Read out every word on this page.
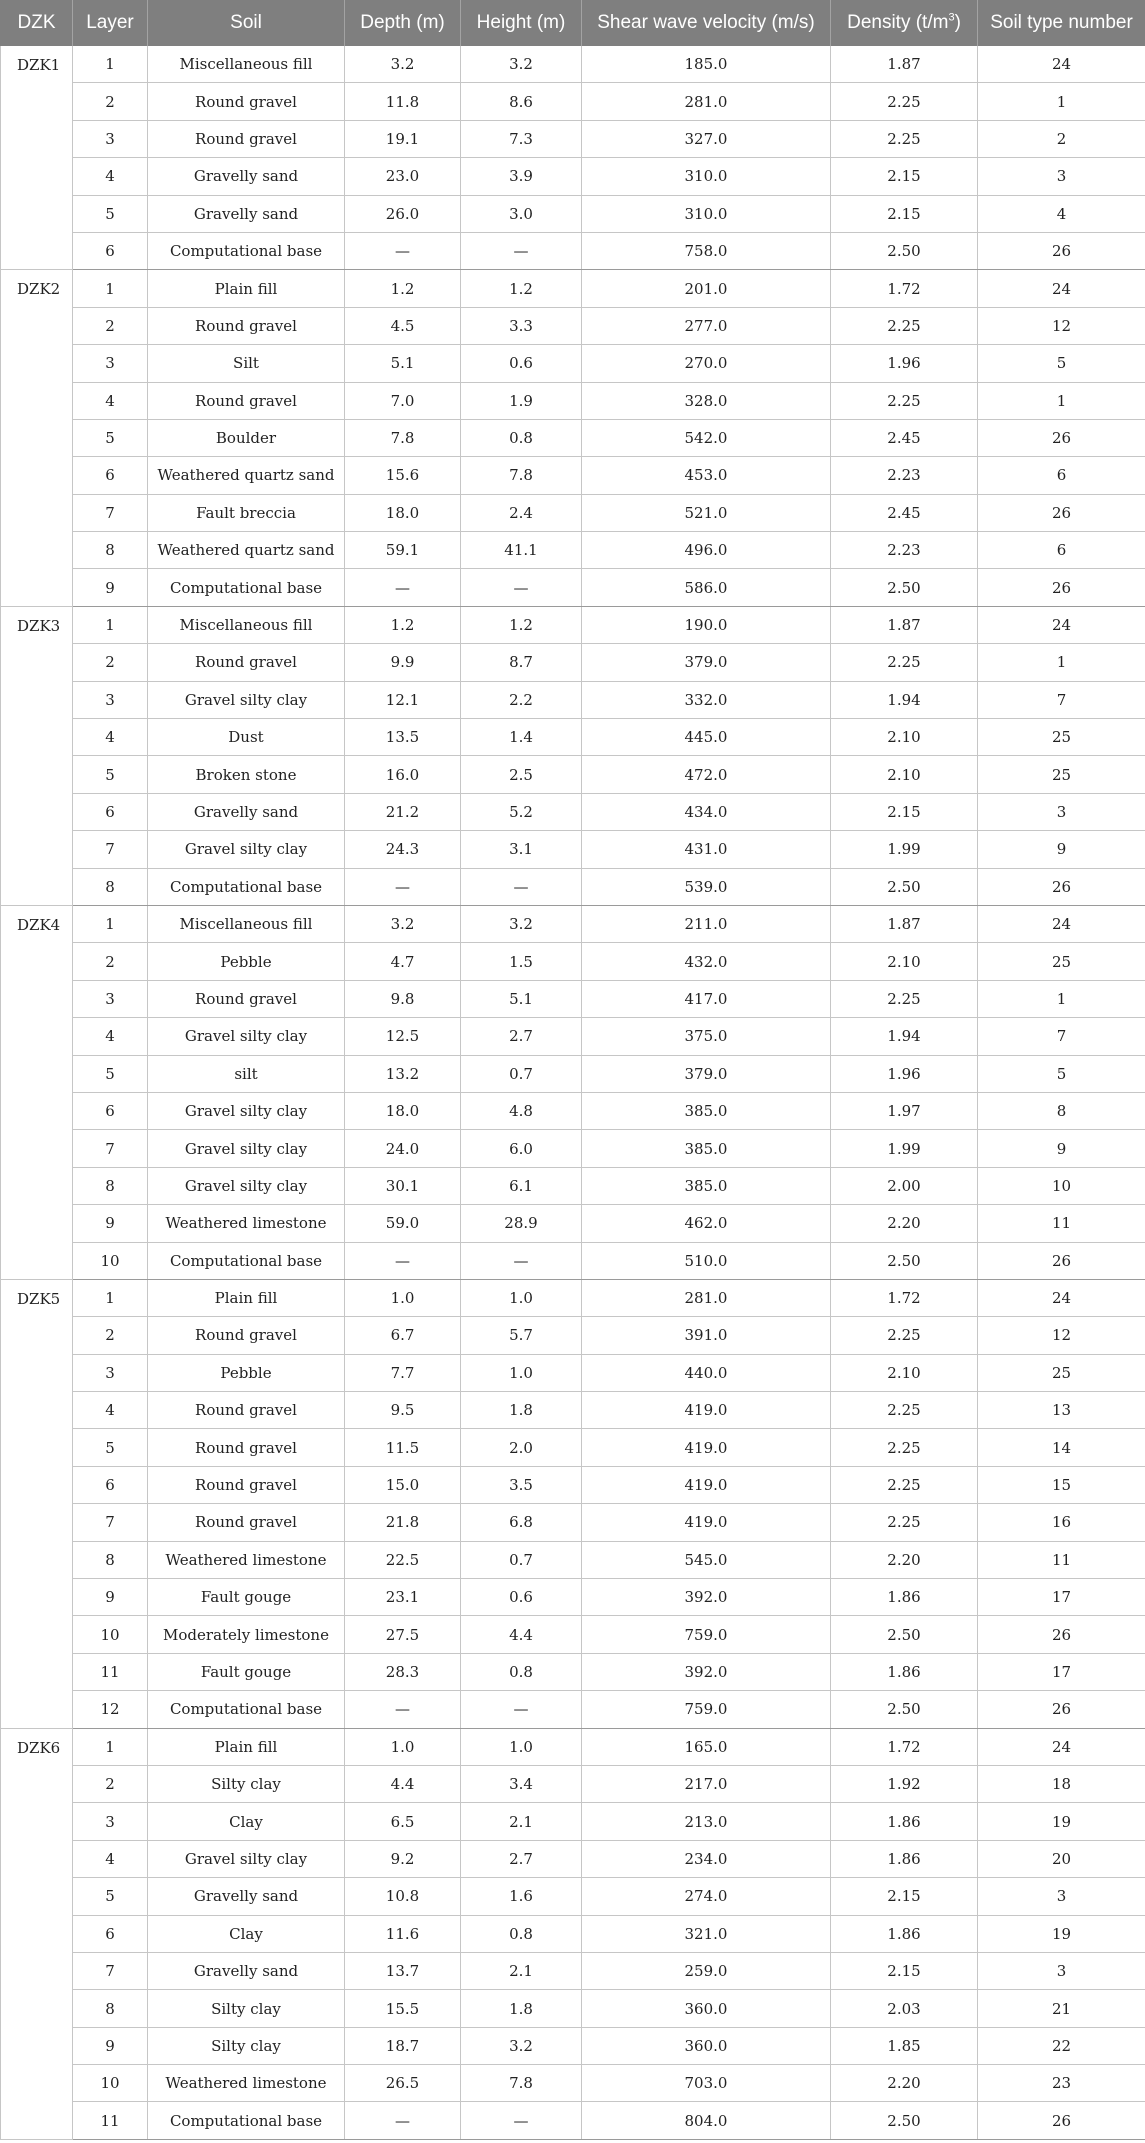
DZK	Layer	Soil	Depth (m)	Height (m)	Shear wave velocity (m/s)	Density $(t/m^3)$	Soil type number
DZK1	1	Miscellaneous fill	3.2	3.2	185.0	1.87	24
	2	Round gravel	11.8	8.6	281.0	2.25	1
	3	Round gravel	19.1	7.3	327.0	2.25	2
	4	Gravelly sand	23.0	3.9	310.0	2.15	3
	5	Gravelly sand	26.0	3.0	310.0	2.15	4
	6	Computational base	—	—	758.0	2.50	26
DZK2	1	Plain fill	1.2	1.2	201.0	1.72	24
	2	Round gravel	4.5	3.3	277.0	2.25	12
	3	Silt	5.1	0.6	270.0	1.96	5
	4	Round gravel	7.0	1.9	328.0	2.25	1
	5	Boulder	7.8	0.8	542.0	2.45	26
	6	Weathered quartz sand	15.6	7.8	453.0	2.23	6
	7	Fault breccia	18.0	2.4	521.0	2.45	26
	8	Weathered quartz sand	59.1	41.1	496.0	2.23	6
	9	Computational base	—	—	586.0	2.50	26
DZK3	1	Miscellaneous fill	1.2	1.2	190.0	1.87	24
	2	Round gravel	9.9	8.7	379.0	2.25	1
	3	Gravel silty clay	12.1	2.2	332.0	1.94	7
	4	Dust	13.5	1.4	445.0	2.10	25
	5	Broken stone	16.0	2.5	472.0	2.10	25
	6	Gravelly sand	21.2	5.2	434.0	2.15	3
	7	Gravel silty clay	24.3	3.1	431.0	1.99	9
	8	Computational base	—	—	539.0	2.50	26
DZK4	1	Miscellaneous fill	3.2	3.2	211.0	1.87	24
	2	Pebble	4.7	1.5	432.0	2.10	25
	3	Round gravel	9.8	5.1	417.0	2.25	1
	4	Gravel silty clay	12.5	2.7	375.0	1.94	7
	5	silt	13.2	0.7	379.0	1.96	5
	6	Gravel silty clay	18.0	4.8	385.0	1.97	8
	7	Gravel silty clay	24.0	6.0	385.0	1.99	9
	8	Gravel silty clay	30.1	6.1	385.0	2.00	10
	9	Weathered limestone	59.0	28.9	462.0	2.20	11
	10	Computational base	—	—	510.0	2.50	26
DZK5	1	Plain fill	1.0	1.0	281.0	1.72	24
	2	Round gravel	6.7	5.7	391.0	2.25	12
	3	Pebble	7.7	1.0	440.0	2.10	25
	4	Round gravel	9.5	1.8	419.0	2.25	13
	5	Round gravel	11.5	2.0	419.0	2.25	14
	6	Round gravel	15.0	3.5	419.0	2.25	15
	7	Round gravel	21.8	6.8	419.0	2.25	16
	8	Weathered limestone	22.5	0.7	545.0	2.20	11
	9	Fault gouge	23.1	0.6	392.0	1.86	17
	10	Moderately limestone	27.5	4.4	759.0	2.50	26
	11	Fault gouge	28.3	0.8	392.0	1.86	17
	12	Computational base	—	—	759.0	2.50	26
DZK6	1	Plain fill	1.0	1.0	165.0	1.72	24
	2	Silty clay	4.4	3.4	217.0	1.92	18
	3	Clay	6.5	2.1	213.0	1.86	19
	4	Gravel silty clay	9.2	2.7	234.0	1.86	20
	5	Gravelly sand	10.8	1.6	274.0	2.15	3
	6	Clay	11.6	0.8	321.0	1.86	19
	7	Gravelly sand	13.7	2.1	259.0	2.15	3
	8	Silty clay	15.5	1.8	360.0	2.03	21
	9	Silty clay	18.7	3.2	360.0	1.85	22
	10	Weathered limestone	26.5	7.8	703.0	2.20	23
	11	Computational base	—	—	804.0	2.50	26
